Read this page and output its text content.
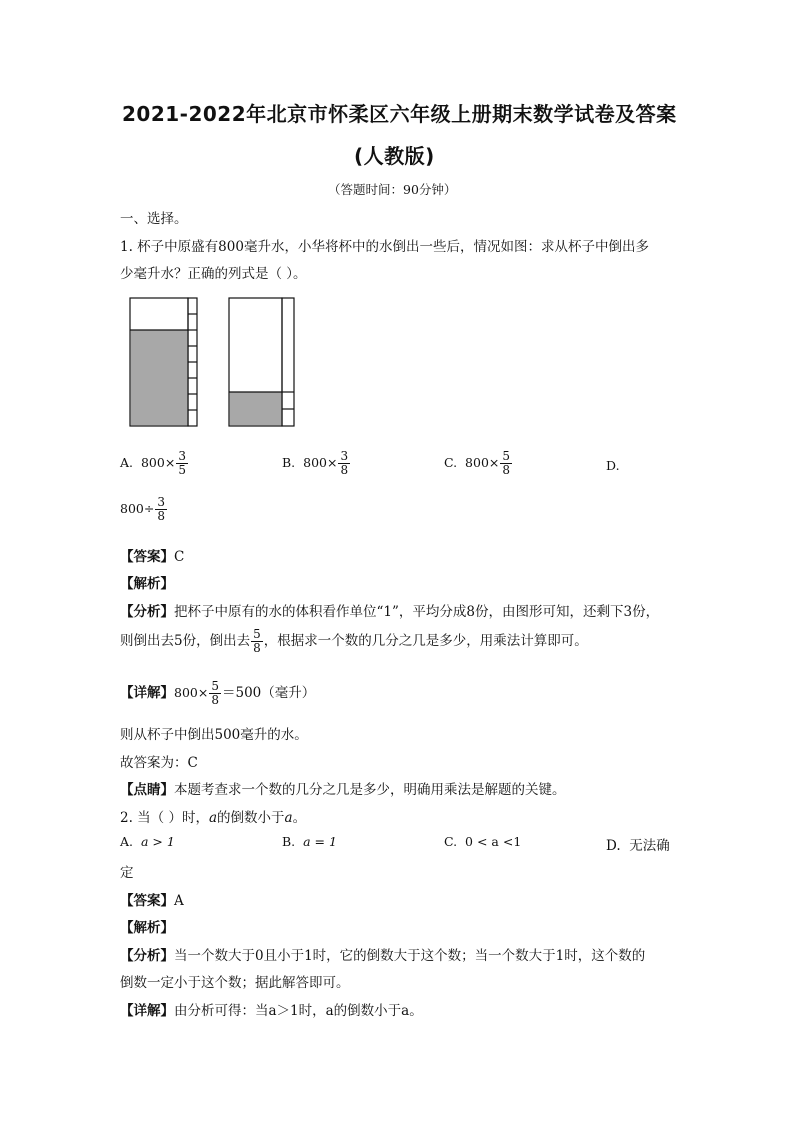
2021-2022年北京市怀柔区六年级上册期末数学试卷及答案
(人教版)
（答题时间：90分钟）
一、选择。
1. 杯子中原盛有800毫升水，小华将杯中的水倒出一些后，情况如图：求从杯子中倒出多
少毫升水？正确的列式是（ ）。
A. $800\times \frac{3}{5}$	B. $800\times \frac{3}{8}$	C. $800\times \frac{5}{8}$	D.
$800\div \frac{3}{8}$
【答案】C
【解析】
【分析】把杯子中原有的水的体积看作单位“1”，平均分成8份，由图形可知，还剩下3份，
则倒出去5份，倒出去 $\frac{5}{8}$ ，根据求一个数的几分之几是多少，用乘法计算即可。
【详解】$800\times \frac{5}{8} =500$（毫升）
则从杯子中倒出500毫升的水。
故答案为：C
【点睛】本题考查求一个数的几分之几是多少，明确用乘法是解题的关键。
2. 当（ ）时，a的倒数小于a。
A. a > 1	B. a = 1	C. 0 < a <1	D. 无法确
定
【答案】A
【解析】
【分析】当一个数大于0且小于1时，它的倒数大于这个数；当一个数大于1时，这个数的
倒数一定小于这个数；据此解答即可。
【详解】由分析可得：当a＞1时，a的倒数小于a。
